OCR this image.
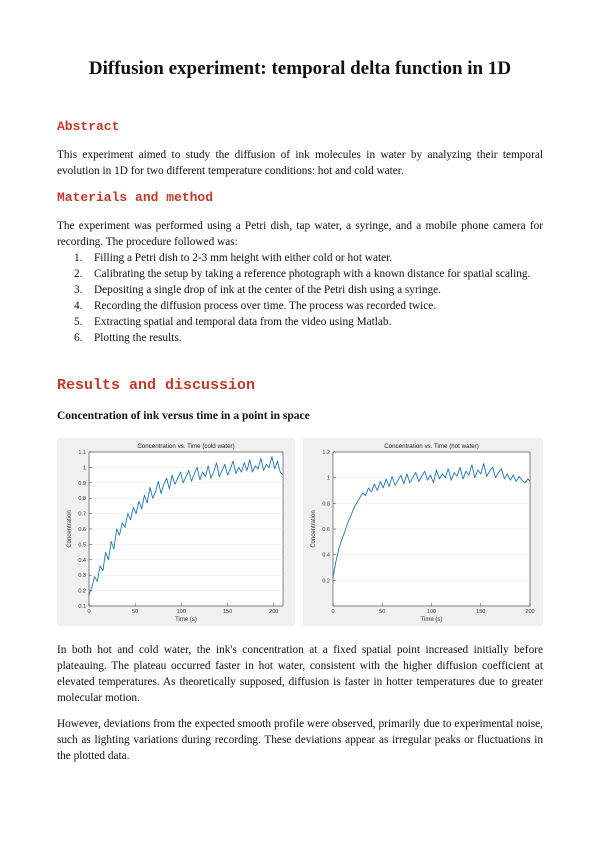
Diffusion experiment: temporal delta function in 1D
Abstract
This experiment aimed to study the diffusion of ink molecules in water by analyzing their temporal evolution in 1D for two different temperature conditions: hot and cold water.
Materials and method
The experiment was performed using a Petri dish, tap water, a syringe, and a mobile phone camera for recording. The procedure followed was:
1. Filling a Petri dish to 2-3 mm height with either cold or hot water.
2. Calibrating the setup by taking a reference photograph with a known distance for spatial scaling.
3. Depositing a single drop of ink at the center of the Petri dish using a syringe.
4. Recording the diffusion process over time. The process was recorded twice.
5. Extracting spatial and temporal data from the video using Matlab.
6. Plotting the results.
Results and discussion
Concentration of ink versus time in a point in space
Concentration vs. Time (cold water)
0.1
0.2
0.3
0.4
0.5
0.6
0.7
0.8
0.9
1
1.1
0	50	100	150	200
Time (s)
Concentration
Concentration vs. Time (hot water)
0.2
0.4
0.6
0.8
1
1.2
0	50	100	150	200
Time (s)
Concentration
In both hot and cold water, the ink's concentration at a fixed spatial point increased initially before plateauing. The plateau occurred faster in hot water, consistent with the higher diffusion coefficient at elevated temperatures. As theoretically supposed, diffusion is faster in hotter temperatures due to greater molecular motion.
However, deviations from the expected smooth profile were observed, primarily due to experimental noise, such as lighting variations during recording. These deviations appear as irregular peaks or fluctuations in the plotted data.
